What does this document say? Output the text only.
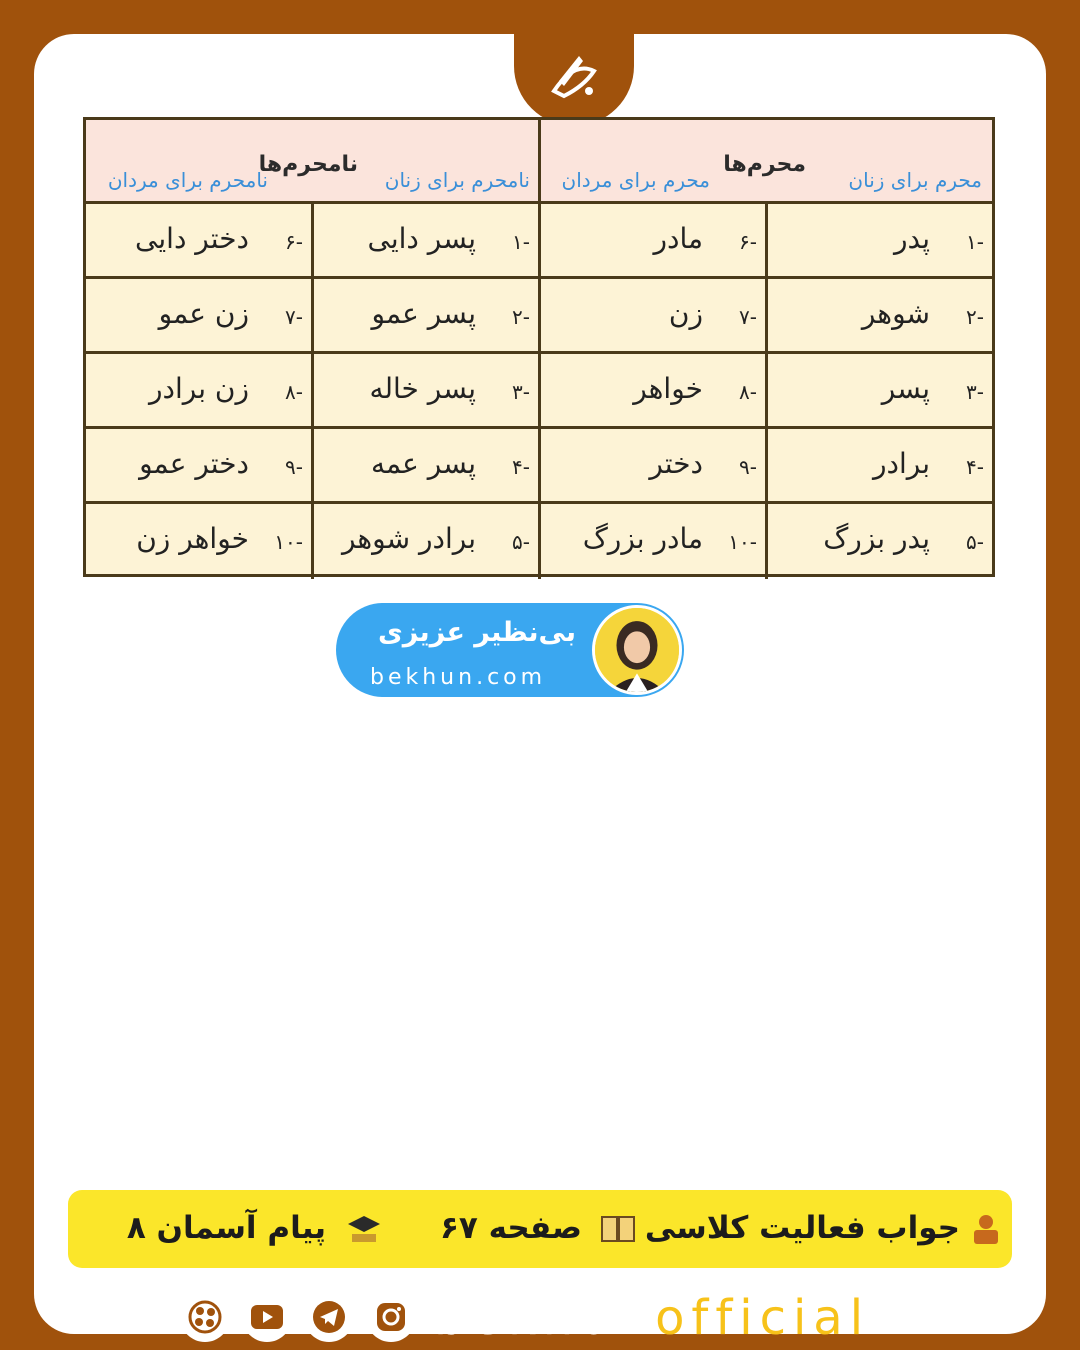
محرم‌ها
محرم برای زنان
محرم برای مردان
نامحرم‌ها
نامحرم برای زنان
نامحرم برای مردان
-۱
پدر
-۶
مادر
-۱
پسر دایی
-۶
دختر دایی
-۲
شوهر
-۷
زن
-۲
پسر عمو
-۷
زن عمو
-۳
پسر
-۸
خواهر
-۳
پسر خاله
-۸
زن برادر
-۴
برادر
-۹
دختر
-۴
پسر عمه
-۹
دختر عمو
-۵
پدر بزرگ
-۱۰
مادر بزرگ
-۵
برادر شوهر
-۱۰
خواهر زن
بی‌نظیر عزیزی
bekhun.com
جواب فعالیت کلاسی
صفحه ۶۷
پیام آسمان ۸
bekhunofficial
